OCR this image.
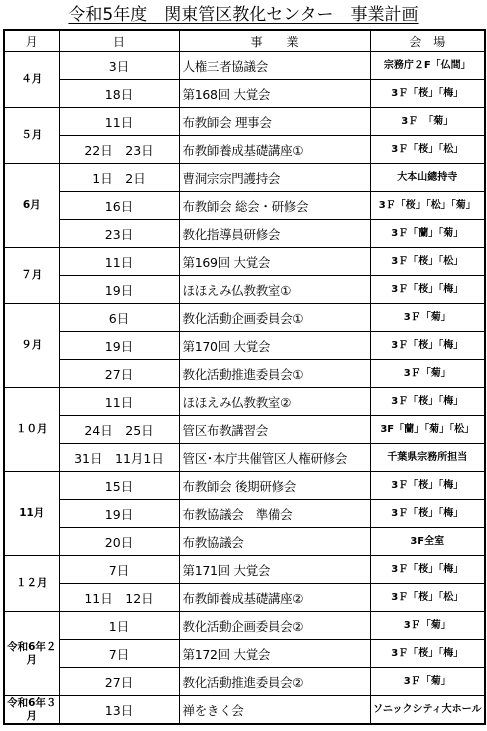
令和5年度　関東管区教化センター　事業計画
月	日	事　　業	会　場
４月	3日	人権三者協議会	宗務庁２F「仏間」
	18日	第168回 大覚会	3Ｆ「桜」「梅」
５月	11日	布教師会 理事会	3Ｆ　「菊」
	22日　23日	布教師養成基礎講座①	3Ｆ「桜」「松」
6月	1日　2日	曹洞宗宗門護持会	大本山總持寺
	16日	布教師会 総会・研修会	3Ｆ「桜」「松」「菊」
	23日	教化指導員研修会	3Ｆ「蘭」「菊」
７月	11日	第169回 大覚会	3Ｆ「桜」「松」
	19日	ほほえみ仏教教室①	3Ｆ「桜」「梅」
９月	6日	教化活動企画委員会①	3Ｆ「菊」
	19日	第170回 大覚会	3Ｆ「桜」「梅」
	27日	教化活動推進委員会①	3Ｆ「菊」
１０月	11日	ほほえみ仏教教室②	3Ｆ「桜」「梅」
	24日　25日	管区布教講習会	3F「蘭」「菊」「松」
	31日　11月1日	管区･本庁共催管区人権研修会	千葉県宗務所担当
11月	15日	布教師会 後期研修会	3Ｆ「桜」「梅」
	19日	布教協議会　準備会	3Ｆ「桜」「梅」
	20日	布教協議会	3F全室
１２月	7日	第171回 大覚会	3Ｆ「桜」「梅」
	11日　12日	布教師養成基礎講座②	3Ｆ「桜」「松」
令和6年２月	1日	教化活動企画委員会②	3Ｆ「菊」
	7日	第172回 大覚会	3Ｆ「桜」「梅」
	27日	教化活動推進委員会②	3Ｆ「菊」
令和6年３月	13日	禅をきく会	ソニックシティ大ホール
